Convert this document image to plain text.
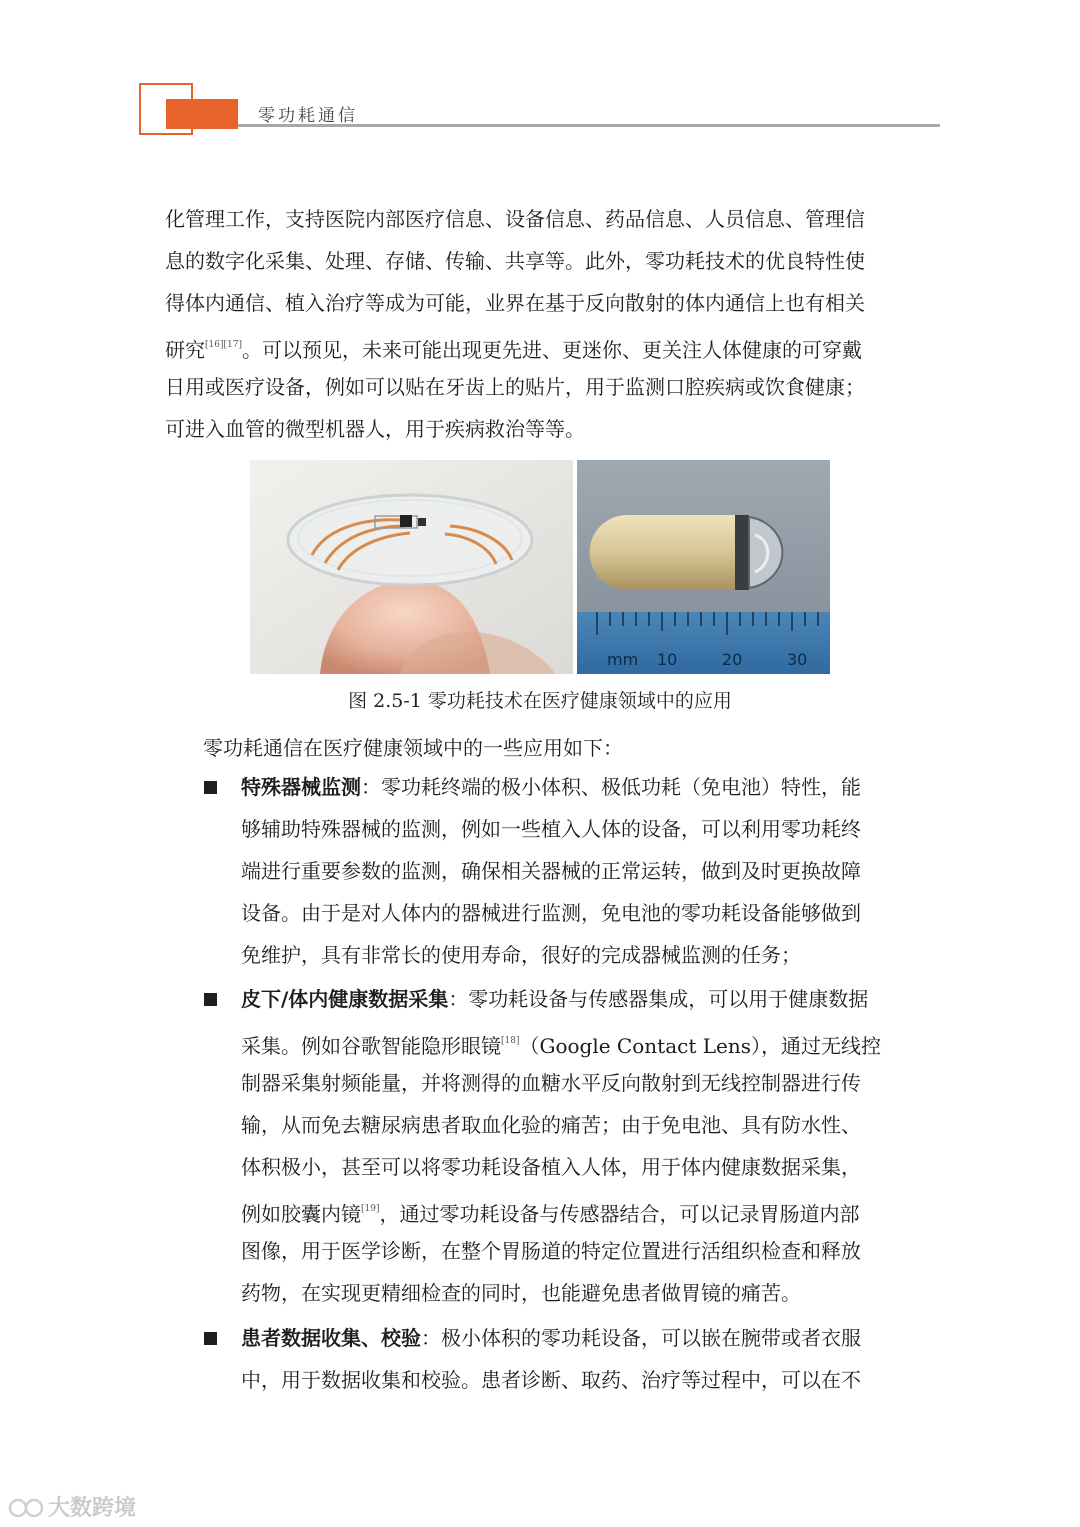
零功耗通信
化管理工作，支持医院内部医疗信息、设备信息、药品信息、人员信息、管理信
息的数字化采集、处理、存储、传输、共享等。此外，零功耗技术的优良特性使
得体内通信、植入治疗等成为可能，业界在基于反向散射的体内通信上也有相关
研究[16][17]。可以预见，未来可能出现更先进、更迷你、更关注人体健康的可穿戴
日用或医疗设备，例如可以贴在牙齿上的贴片，用于监测口腔疾病或饮食健康；
可进入血管的微型机器人，用于疾病救治等等。
mm 10	20	30
图 2.5-1 零功耗技术在医疗健康领域中的应用
零功耗通信在医疗健康领域中的一些应用如下：
特殊器械监测：零功耗终端的极小体积、极低功耗（免电池）特性，能
够辅助特殊器械的监测，例如一些植入人体的设备，可以利用零功耗终
端进行重要参数的监测，确保相关器械的正常运转，做到及时更换故障
设备。由于是对人体内的器械进行监测，免电池的零功耗设备能够做到
免维护，具有非常长的使用寿命，很好的完成器械监测的任务；
皮下/体内健康数据采集：零功耗设备与传感器集成，可以用于健康数据
采集。例如谷歌智能隐形眼镜[18]（Google Contact Lens），通过无线控
制器采集射频能量，并将测得的血糖水平反向散射到无线控制器进行传
输，从而免去糖尿病患者取血化验的痛苦；由于免电池、具有防水性、
体积极小，甚至可以将零功耗设备植入人体，用于体内健康数据采集，
例如胶囊内镜[19]，通过零功耗设备与传感器结合，可以记录胃肠道内部
图像，用于医学诊断，在整个胃肠道的特定位置进行活组织检查和释放
药物，在实现更精细检查的同时，也能避免患者做胃镜的痛苦。
患者数据收集、校验：极小体积的零功耗设备，可以嵌在腕带或者衣服
中，用于数据收集和校验。患者诊断、取药、治疗等过程中，可以在不
大数跨境
